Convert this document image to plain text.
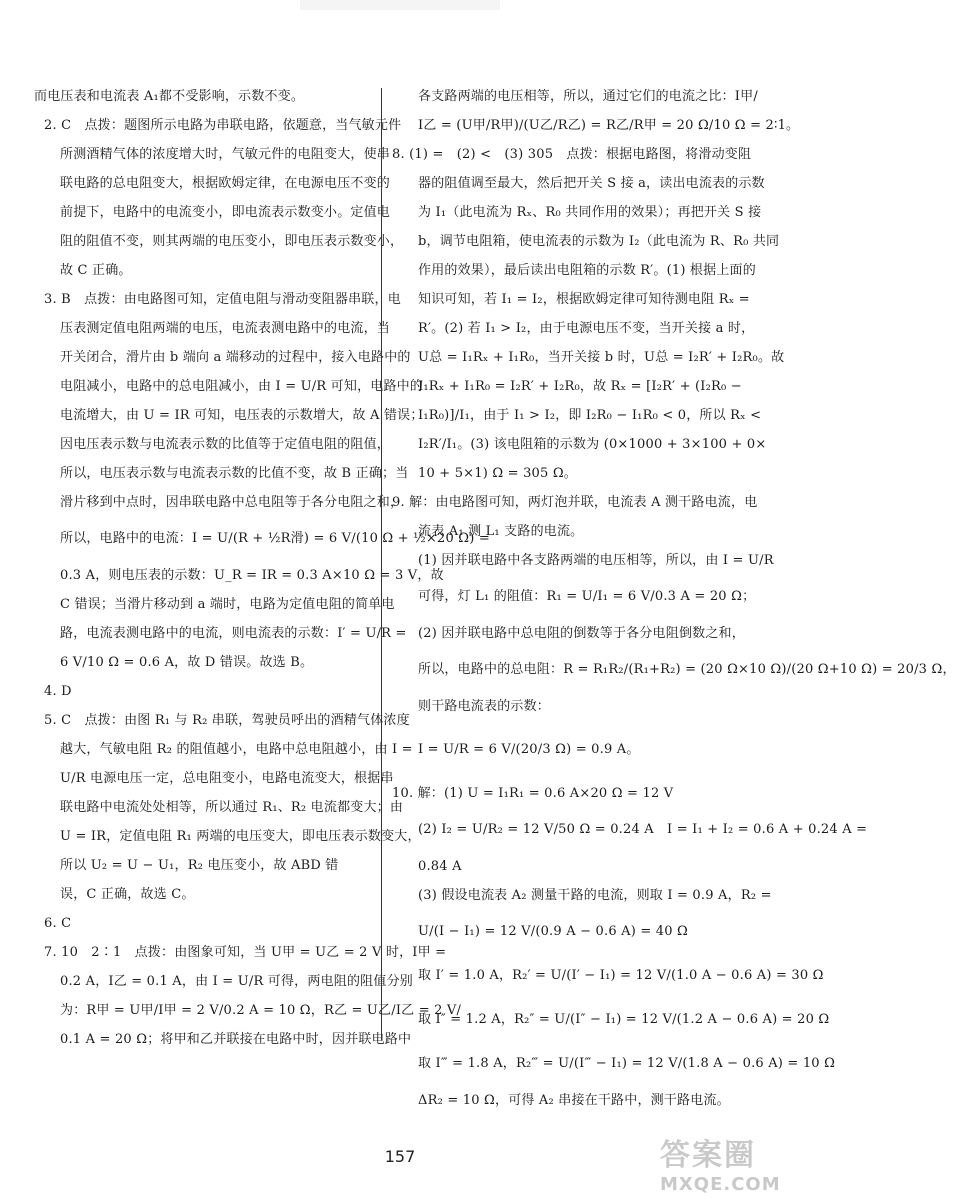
而电压表和电流表 A₁都不受影响，示数不变。
2. C　点拨：题图所示电路为串联电路，依题意，当气敏元件
所测酒精气体的浓度增大时，气敏元件的电阻变大，使串
联电路的总电阻变大，根据欧姆定律，在电源电压不变的
前提下，电路中的电流变小，即电流表示数变小。定值电
阻的阻值不变，则其两端的电压变小，即电压表示数变小，
故 C 正确。
3. B　点拨：由电路图可知，定值电阻与滑动变阻器串联，电
压表测定值电阻两端的电压，电流表测电路中的电流，当
开关闭合，滑片由 b 端向 a 端移动的过程中，接入电路中的
电阻减小，电路中的总电阻减小，由 I = U/R 可知，电路中的
电流增大，由 U = IR 可知，电压表的示数增大，故 A 错误；
因电压表示数与电流表示数的比值等于定值电阻的阻值，
所以，电压表示数与电流表示数的比值不变，故 B 正确；当
滑片移到中点时，因串联电路中总电阻等于各分电阻之和，
所以，电路中的电流：I = U/(R + ½R滑) = 6 V/(10 Ω + ½×20 Ω) =
0.3 A，则电压表的示数：U_R = IR = 0.3 A×10 Ω = 3 V，故
C 错误；当滑片移动到 a 端时，电路为定值电阻的简单电
路，电流表测电路中的电流，则电流表的示数：I′ = U/R =
6 V/10 Ω = 0.6 A，故 D 错误。故选 B。
4. D
5. C　点拨：由图 R₁ 与 R₂ 串联，驾驶员呼出的酒精气体浓度
越大，气敏电阻 R₂ 的阻值越小，电路中总电阻越小，由 I =
U/R 电源电压一定，总电阻变小，电路电流变大，根据串
联电路中电流处处相等，所以通过 R₁、R₂ 电流都变大；由
U = IR，定值电阻 R₁ 两端的电压变大，即电压表示数变大，
所以 U₂ = U − U₁，R₂ 电压变小，故 ABD 错
误，C 正确，故选 C。
6. C
7. 10　2∶1　点拨：由图象可知，当 U甲 = U乙 = 2 V 时，I甲 =
0.2 A，I乙 = 0.1 A，由 I = U/R 可得，两电阻的阻值分别
为：R甲 = U甲/I甲 = 2 V/0.2 A = 10 Ω，R乙 = U乙/I乙 = 2 V/
0.1 A = 20 Ω；将甲和乙并联接在电路中时，因并联电路中
各支路两端的电压相等，所以，通过它们的电流之比：I甲/
I乙 = (U甲/R甲)/(U乙/R乙) = R乙/R甲 = 20 Ω/10 Ω = 2∶1。
8. (1) =　(2) <　(3) 305　点拨：根据电路图，将滑动变阻
器的阻值调至最大，然后把开关 S 接 a，读出电流表的示数
为 I₁（此电流为 Rₓ、R₀ 共同作用的效果）；再把开关 S 接
b，调节电阻箱，使电流表的示数为 I₂（此电流为 R、R₀ 共同
作用的效果），最后读出电阻箱的示数 R′。(1) 根据上面的
知识可知，若 I₁ = I₂，根据欧姆定律可知待测电阻 Rₓ =
R′。(2) 若 I₁ > I₂，由于电源电压不变，当开关接 a 时，
U总 = I₁Rₓ + I₁R₀，当开关接 b 时，U总 = I₂R′ + I₂R₀。故
I₁Rₓ + I₁R₀ = I₂R′ + I₂R₀，故 Rₓ = [I₂R′ + (I₂R₀ −
I₁R₀)]/I₁，由于 I₁ > I₂，即 I₂R₀ − I₁R₀ < 0，所以 Rₓ <
I₂R′/I₁。(3) 该电阻箱的示数为 (0×1000 + 3×100 + 0×
10 + 5×1) Ω = 305 Ω。
9. 解：由电路图可知，两灯泡并联，电流表 A 测干路电流，电
流表 A₁ 测 L₁ 支路的电流。
(1) 因并联电路中各支路两端的电压相等，所以，由 I = U/R
可得，灯 L₁ 的阻值：R₁ = U/I₁ = 6 V/0.3 A = 20 Ω；
(2) 因并联电路中总电阻的倒数等于各分电阻倒数之和，
所以，电路中的总电阻：R = R₁R₂/(R₁+R₂) = (20 Ω×10 Ω)/(20 Ω+10 Ω) = 20/3 Ω，
则干路电流表的示数：
I = U/R = 6 V/(20/3 Ω) = 0.9 A。
10. 解：(1) U = I₁R₁ = 0.6 A×20 Ω = 12 V
(2) I₂ = U/R₂ = 12 V/50 Ω = 0.24 A　I = I₁ + I₂ = 0.6 A + 0.24 A =
0.84 A
(3) 假设电流表 A₂ 测量干路的电流，则取 I = 0.9 A，R₂ =
U/(I − I₁) = 12 V/(0.9 A − 0.6 A) = 40 Ω
取 I′ = 1.0 A，R₂′ = U/(I′ − I₁) = 12 V/(1.0 A − 0.6 A) = 30 Ω
取 I″ = 1.2 A，R₂″ = U/(I″ − I₁) = 12 V/(1.2 A − 0.6 A) = 20 Ω
取 I‴ = 1.8 A，R₂‴ = U/(I‴ − I₁) = 12 V/(1.8 A − 0.6 A) = 10 Ω
ΔR₂ = 10 Ω，可得 A₂ 串接在干路中，测干路电流。
157	答案圈
MXQE.COM
